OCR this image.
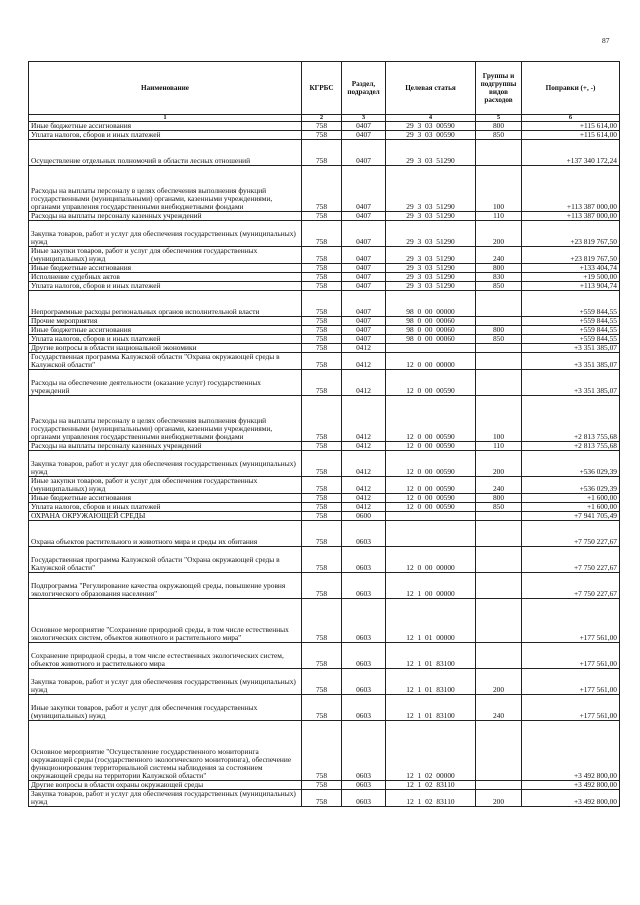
87
Наименование	КГРБС	Раздел, подраздел	Целевая статья	Группы и подгруппы видов расходов	Поправки (+, -)
1	2	3	4	5	6
Иные бюджетные ассигнования	758	0407	29 3 03 00590	800	+115 614,00
Уплата налогов, сборов и иных платежей	758	0407	29 3 03 00590	850	+115 614,00
Осуществление отдельных полномочий в области лесных отношений	758	0407	29 3 03 51290		+137 340 172,24
Расходы на выплаты персоналу в целях обеспечения выполнения функций государственными (муниципальными) органами, казенными учреждениями, органами управления государственными внебюджетными фондами	758	0407	29 3 03 51290	100	+113 387 000,00
Расходы на выплаты персоналу казенных учреждений	758	0407	29 3 03 51290	110	+113 387 000,00
Закупка товаров, работ и услуг для обеспечения государственных (муниципальных) нужд	758	0407	29 3 03 51290	200	+23 819 767,50
Иные закупки товаров, работ и услуг для обеспечения государственных (муниципальных) нужд	758	0407	29 3 03 51290	240	+23 819 767,50
Иные бюджетные ассигнования	758	0407	29 3 03 51290	800	+133 404,74
Исполнение судебных актов	758	0407	29 3 03 51290	830	+19 500,00
Уплата налогов, сборов и иных платежей	758	0407	29 3 03 51290	850	+113 904,74
Непрограммные расходы региональных органов исполнительной власти	758	0407	98 0 00 00000		+559 844,55
Прочие мероприятия	758	0407	98 0 00 00060		+559 844,55
Иные бюджетные ассигнования	758	0407	98 0 00 00060	800	+559 844,55
Уплата налогов, сборов и иных платежей	758	0407	98 0 00 00060	850	+559 844,55
Другие вопросы в области национальной экономики	758	0412			+3 351 385,07
Государственная программа Калужской области "Охрана окружающей среды в Калужской области"	758	0412	12 0 00 00000		+3 351 385,07
Расходы на обеспечение деятельности (оказание услуг) государственных учреждений	758	0412	12 0 00 00590		+3 351 385,07
Расходы на выплаты персоналу в целях обеспечения выполнения функций государственными (муниципальными) органами, казенными учреждениями, органами управления государственными внебюджетными фондами	758	0412	12 0 00 00590	100	+2 813 755,68
Расходы на выплаты персоналу казенных учреждений	758	0412	12 0 00 00590	110	+2 813 755,68
Закупка товаров, работ и услуг для обеспечения государственных (муниципальных) нужд	758	0412	12 0 00 00590	200	+536 029,39
Иные закупки товаров, работ и услуг для обеспечения государственных (муниципальных) нужд	758	0412	12 0 00 00590	240	+536 029,39
Иные бюджетные ассигнования	758	0412	12 0 00 00590	800	+1 600,00
Уплата налогов, сборов и иных платежей	758	0412	12 0 00 00590	850	+1 600,00
ОХРАНА ОКРУЖАЮЩЕЙ СРЕДЫ	758	0600			+7 941 705,49
Охрана объектов растительного и животного мира и среды их обитания	758	0603			+7 750 227,67
Государственная программа Калужской области "Охрана окружающей среды в Калужской области"	758	0603	12 0 00 00000		+7 750 227,67
Подпрограмма "Регулирование качества окружающей среды, повышение уровня экологического образования населения"	758	0603	12 1 00 00000		+7 750 227,67
Основное мероприятие "Сохранение природной среды, в том числе естественных экологических систем, объектов животного и растительного мира"	758	0603	12 1 01 00000		+177 561,00
Сохранение природной среды, в том числе естественных экологических систем, объектов животного и растительного мира	758	0603	12 1 01 83100		+177 561,00
Закупка товаров, работ и услуг для обеспечения государственных (муниципальных) нужд	758	0603	12 1 01 83100	200	+177 561,00
Иные закупки товаров, работ и услуг для обеспечения государственных (муниципальных) нужд	758	0603	12 1 01 83100	240	+177 561,00
Основное мероприятие "Осуществление государственного мониторинга окружающей среды (государственного экологического мониторинга), обеспечение функционирования территориальной системы наблюдения за состоянием окружающей среды на территории Калужской области"	758	0603	12 1 02 00000		+3 492 800,00
Другие вопросы в области охраны окружающей среды	758	0603	12 1 02 83110		+3 492 800,00
Закупка товаров, работ и услуг для обеспечения государственных (муниципальных) нужд	758	0603	12 1 02 83110	200	+3 492 800,00
